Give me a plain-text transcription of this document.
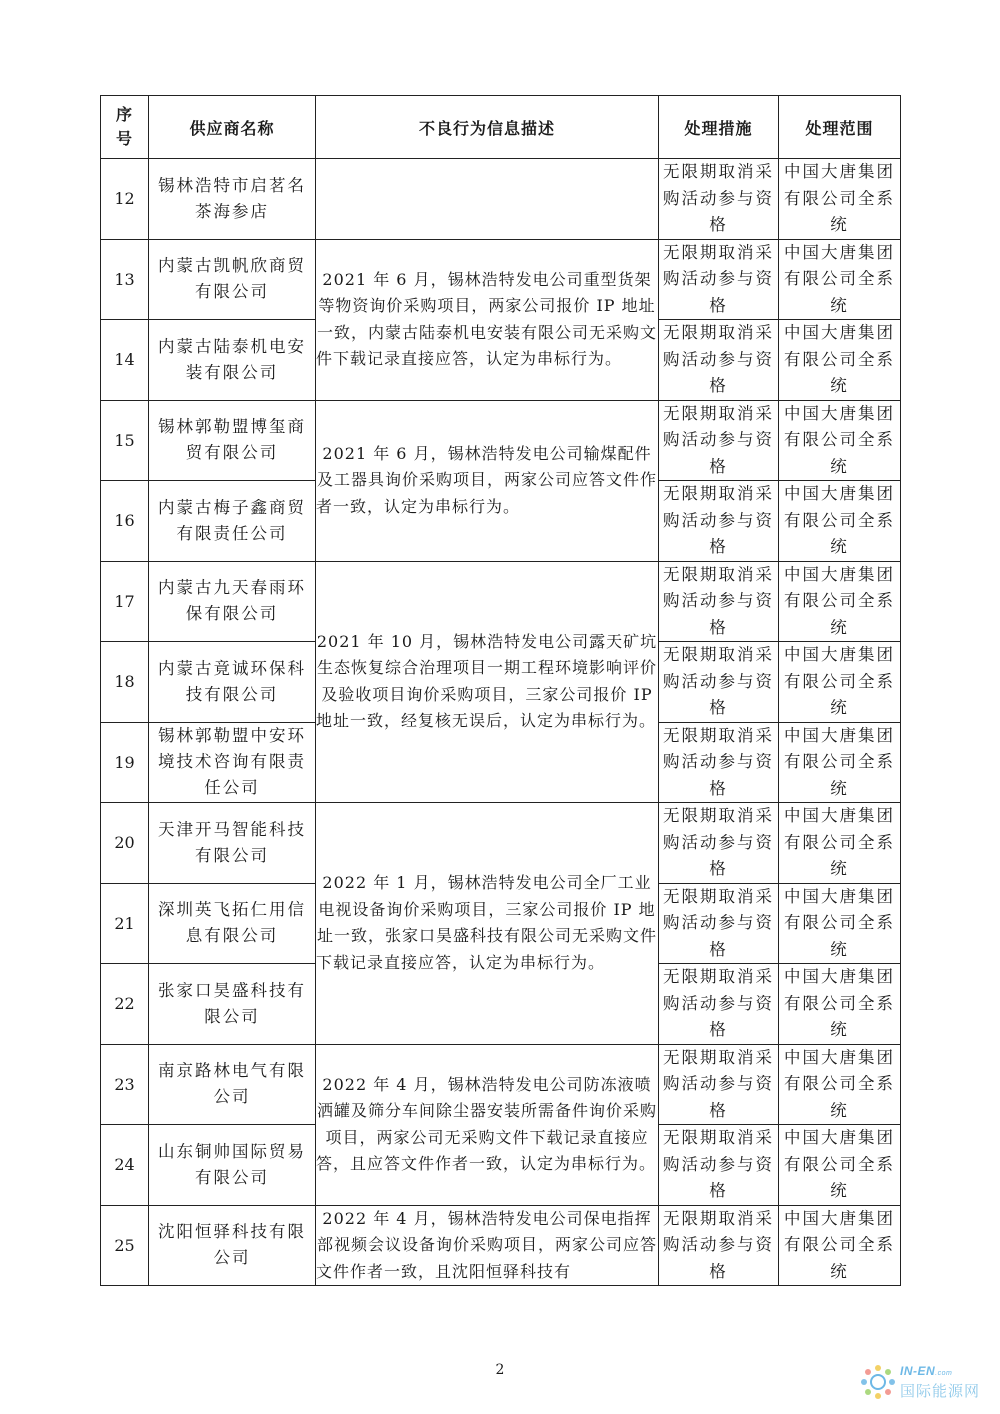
序
号	供应商名称	不良行为信息描述	处理措施	处理范围
12	锡林浩特市启茗名茶海参店		无限期取消采购活动参与资格	中国大唐集团有限公司全系统
13	内蒙古凯帆欣商贸有限公司	2021 年 6 月，锡林浩特发电公司重型货架等物资询价采购项目，两家公司报价 IP 地址一致，内蒙古陆泰机电安装有限公司无采购文件下载记录直接应答，认定为串标行为。	无限期取消采购活动参与资格	中国大唐集团有限公司全系统
14	内蒙古陆泰机电安装有限公司		无限期取消采购活动参与资格	中国大唐集团有限公司全系统
15	锡林郭勒盟博玺商贸有限公司	2021 年 6 月，锡林浩特发电公司输煤配件及工器具询价采购项目，两家公司应答文件作者一致，认定为串标行为。	无限期取消采购活动参与资格	中国大唐集团有限公司全系统
16	内蒙古梅子鑫商贸有限责任公司		无限期取消采购活动参与资格	中国大唐集团有限公司全系统
17	内蒙古九天春雨环保有限公司	2021 年 10 月，锡林浩特发电公司露天矿坑生态恢复综合治理项目一期工程环境影响评价及验收项目询价采购项目，三家公司报价 IP 地址一致，经复核无误后，认定为串标行为。	无限期取消采购活动参与资格	中国大唐集团有限公司全系统
18	内蒙古竟诚环保科技有限公司		无限期取消采购活动参与资格	中国大唐集团有限公司全系统
19	锡林郭勒盟中安环境技术咨询有限责任公司		无限期取消采购活动参与资格	中国大唐集团有限公司全系统
20	天津开马智能科技有限公司	2022 年 1 月，锡林浩特发电公司全厂工业电视设备询价采购项目，三家公司报价 IP 地址一致，张家口昊盛科技有限公司无采购文件下载记录直接应答，认定为串标行为。	无限期取消采购活动参与资格	中国大唐集团有限公司全系统
21	深圳英飞拓仁用信息有限公司		无限期取消采购活动参与资格	中国大唐集团有限公司全系统
22	张家口昊盛科技有限公司		无限期取消采购活动参与资格	中国大唐集团有限公司全系统
23	南京路林电气有限公司	2022 年 4 月，锡林浩特发电公司防冻液喷洒罐及筛分车间除尘器安装所需备件询价采购项目，两家公司无采购文件下载记录直接应答，且应答文件作者一致，认定为串标行为。	无限期取消采购活动参与资格	中国大唐集团有限公司全系统
24	山东铜帅国际贸易有限公司		无限期取消采购活动参与资格	中国大唐集团有限公司全系统
25	沈阳恒驿科技有限公司	2022 年 4 月，锡林浩特发电公司保电指挥部视频会议设备询价采购项目，两家公司应答文件作者一致，且沈阳恒驿科技有	无限期取消采购活动参与资格	中国大唐集团有限公司全系统
2	IN-EN.com
国际能源网
